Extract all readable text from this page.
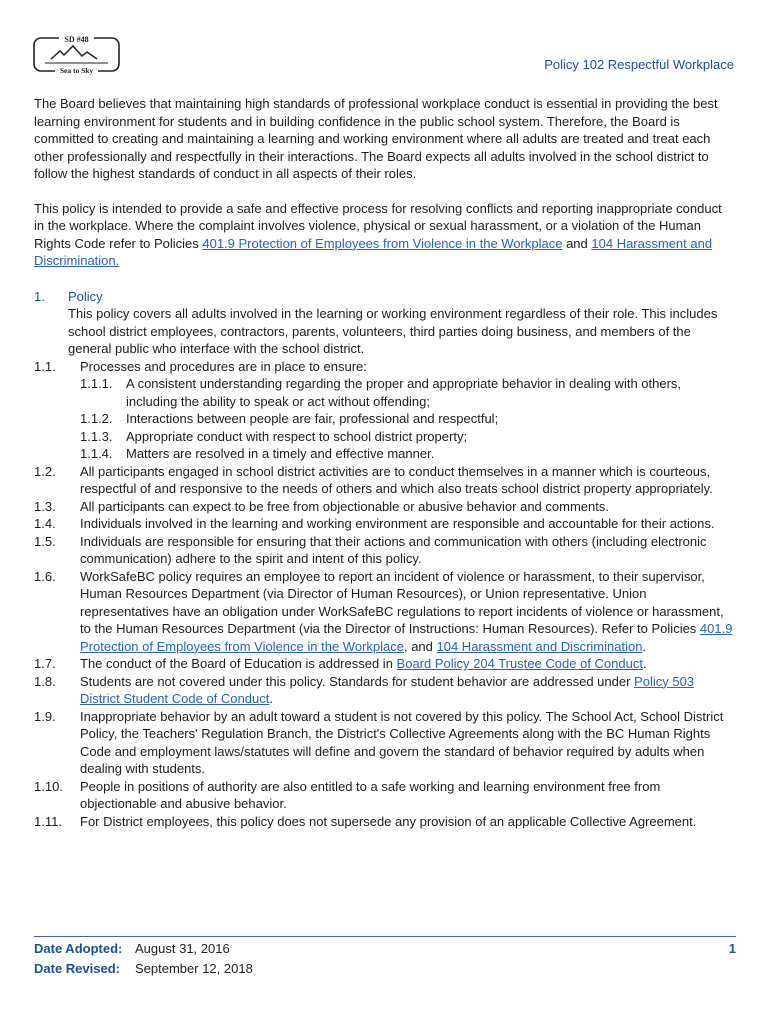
SD #48
Sea to Sky	Policy 102 Respectful Workplace

The Board believes that maintaining high standards of professional workplace conduct is essential in providing the best learning environment for students and in building confidence in the public school system. Therefore, the Board is committed to creating and maintaining a learning and working environment where all adults are treated and treat each other professionally and respectfully in their interactions. The Board expects all adults involved in the school district to follow the highest standards of conduct in all aspects of their roles.

This policy is intended to provide a safe and effective process for resolving conflicts and reporting inappropriate conduct in the workplace. Where the complaint involves violence, physical or sexual harassment, or a violation of the Human Rights Code refer to Policies 401.9 Protection of Employees from Violence in the Workplace and 104 Harassment and Discrimination.

1.	Policy

This policy covers all adults involved in the learning or working environment regardless of their role. This includes school district employees, contractors, parents, volunteers, third parties doing business, and members of the general public who interface with the school district.

1.1.	Processes and procedures are in place to ensure:
1.1.1.	A consistent understanding regarding the proper and appropriate behavior in dealing with others, including the ability to speak or act without offending;
1.1.2.	Interactions between people are fair, professional and respectful;
1.1.3.	Appropriate conduct with respect to school district property;
1.1.4.	Matters are resolved in a timely and effective manner.
1.2.	All participants engaged in school district activities are to conduct themselves in a manner which is courteous, respectful of and responsive to the needs of others and which also treats school district property appropriately.
1.3.	All participants can expect to be free from objectionable or abusive behavior and comments.
1.4.	Individuals involved in the learning and working environment are responsible and accountable for their actions.
1.5.	Individuals are responsible for ensuring that their actions and communication with others (including electronic communication) adhere to the spirit and intent of this policy.
1.6.	WorkSafeBC policy requires an employee to report an incident of violence or harassment, to their supervisor, Human Resources Department (via Director of Human Resources), or Union representative. Union representatives have an obligation under WorkSafeBC regulations to report incidents of violence or harassment, to the Human Resources Department (via the Director of Instructions: Human Resources). Refer to Policies 401.9 Protection of Employees from Violence in the Workplace, and 104 Harassment and Discrimination.
1.7.	The conduct of the Board of Education is addressed in Board Policy 204 Trustee Code of Conduct.
1.8.	Students are not covered under this policy. Standards for student behavior are addressed under Policy 503 District Student Code of Conduct.
1.9.	Inappropriate behavior by an adult toward a student is not covered by this policy. The School Act, School District Policy, the Teachers' Regulation Branch, the District's Collective Agreements along with the BC Human Rights Code and employment laws/statutes will define and govern the standard of behavior required by adults when dealing with students.
1.10.	People in positions of authority are also entitled to a safe working and learning environment free from objectionable and abusive behavior.
1.11.	For District employees, this policy does not supersede any provision of an applicable Collective Agreement.
Date Adopted: August 31, 2016
Date Revised:	September 12, 2018
1
